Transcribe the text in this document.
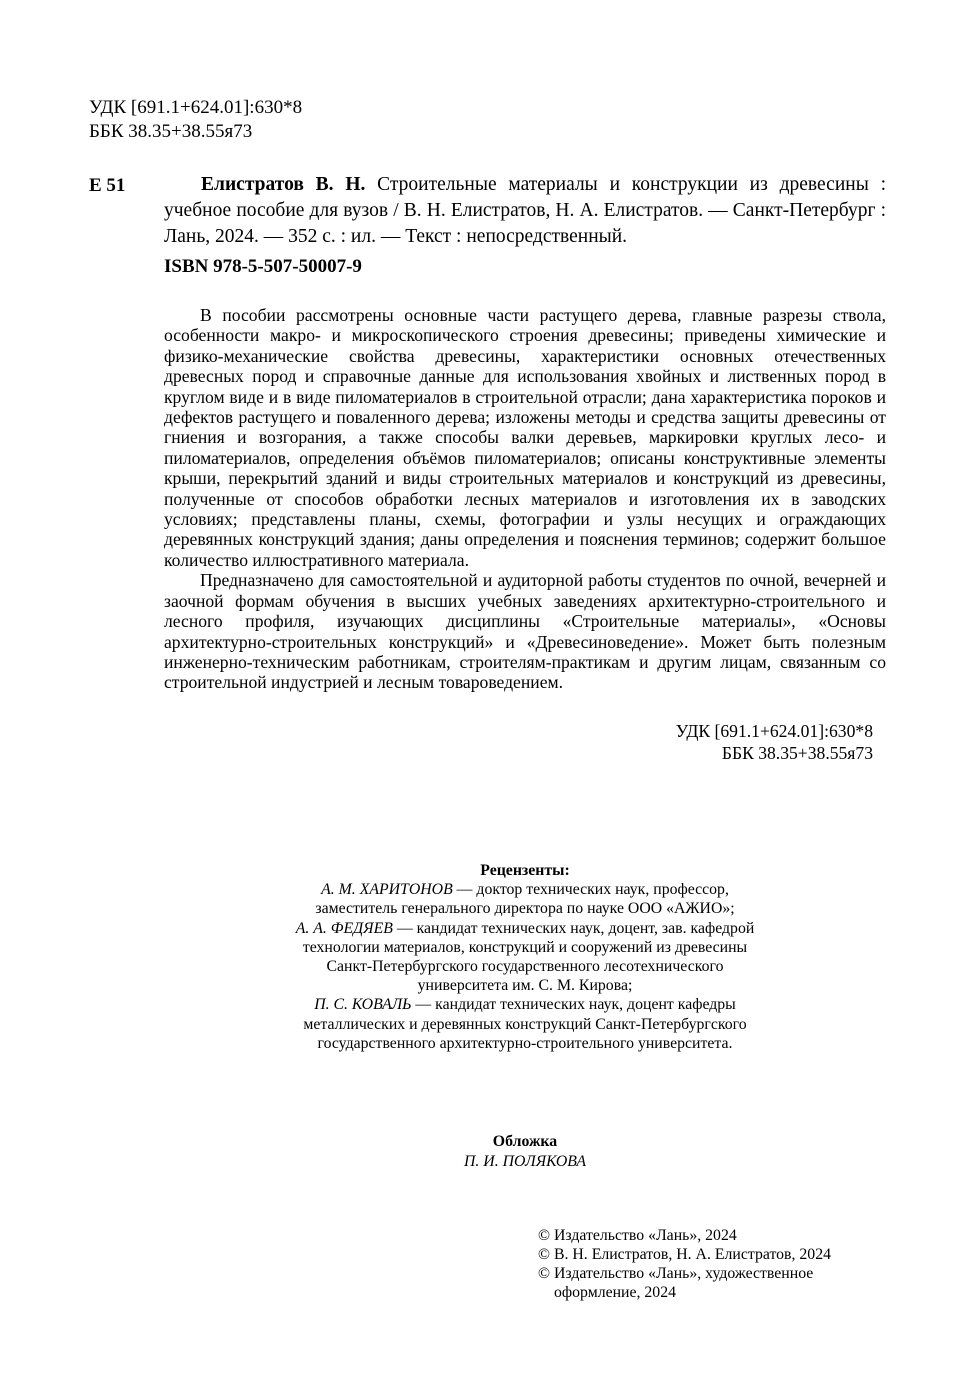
УДК [691.1+624.01]:630*8
ББК 38.35+38.55я73
Е 51	Елистратов В. Н. Строительные материалы и конструкции из древесины : учебное пособие для вузов / В. Н. Елистратов, Н. А. Елистратов. — Санкт-Петербург : Лань, 2024. — 352 с. : ил. — Текст : непосредственный.
ISBN 978-5-507-50007-9

В пособии рассмотрены основные части растущего дерева, главные разрезы ствола, особенности макро- и микроскопического строения древесины; приведены химические и физико-механические свойства древесины, характеристики основных отечественных древесных пород и справочные данные для использования хвойных и лиственных пород в круглом виде и в виде пиломатериалов в строительной отрасли; дана характеристика пороков и дефектов растущего и поваленного дерева; изложены методы и средства защиты древесины от гниения и возгорания, а также способы валки деревьев, маркировки круглых лесо- и пиломатериалов, определения объёмов пиломатериалов; описаны конструктивные элементы крыши, перекрытий зданий и виды строительных материалов и конструкций из древесины, полученные от способов обработки лесных материалов и изготовления их в заводских условиях; представлены планы, схемы, фотографии и узлы несущих и ограждающих деревянных конструкций здания; даны определения и пояснения терминов; содержит большое количество иллюстративного материала.

Предназначено для самостоятельной и аудиторной работы студентов по очной, вечерней и заочной формам обучения в высших учебных заведениях архитектурно-строительного и лесного профиля, изучающих дисциплины «Строительные материалы», «Основы архитектурно-строительных конструкций» и «Древесиноведение». Может быть полезным инженерно-техническим работникам, строителям-практикам и другим лицам, связанным со строительной индустрией и лесным товароведением.

УДК [691.1+624.01]:630*8
ББК 38.35+38.55я73
Рецензенты:
А. М. ХАРИТОНОВ — доктор технических наук, профессор,
заместитель генерального директора по науке ООО «АЖИО»;
А. А. ФЕДЯЕВ — кандидат технических наук, доцент, зав. кафедрой
технологии материалов, конструкций и сооружений из древесины
Санкт-Петербургского государственного лесотехнического
университета им. С. М. Кирова;
П. С. КОВАЛЬ — кандидат технических наук, доцент кафедры
металлических и деревянных конструкций Санкт-Петербургского
государственного архитектурно-строительного университета.
Обложка
П. И. ПОЛЯКОВА
© Издательство «Лань», 2024
© В. Н. Елистратов, Н. А. Елистратов, 2024
© Издательство «Лань», художественное оформление, 2024
